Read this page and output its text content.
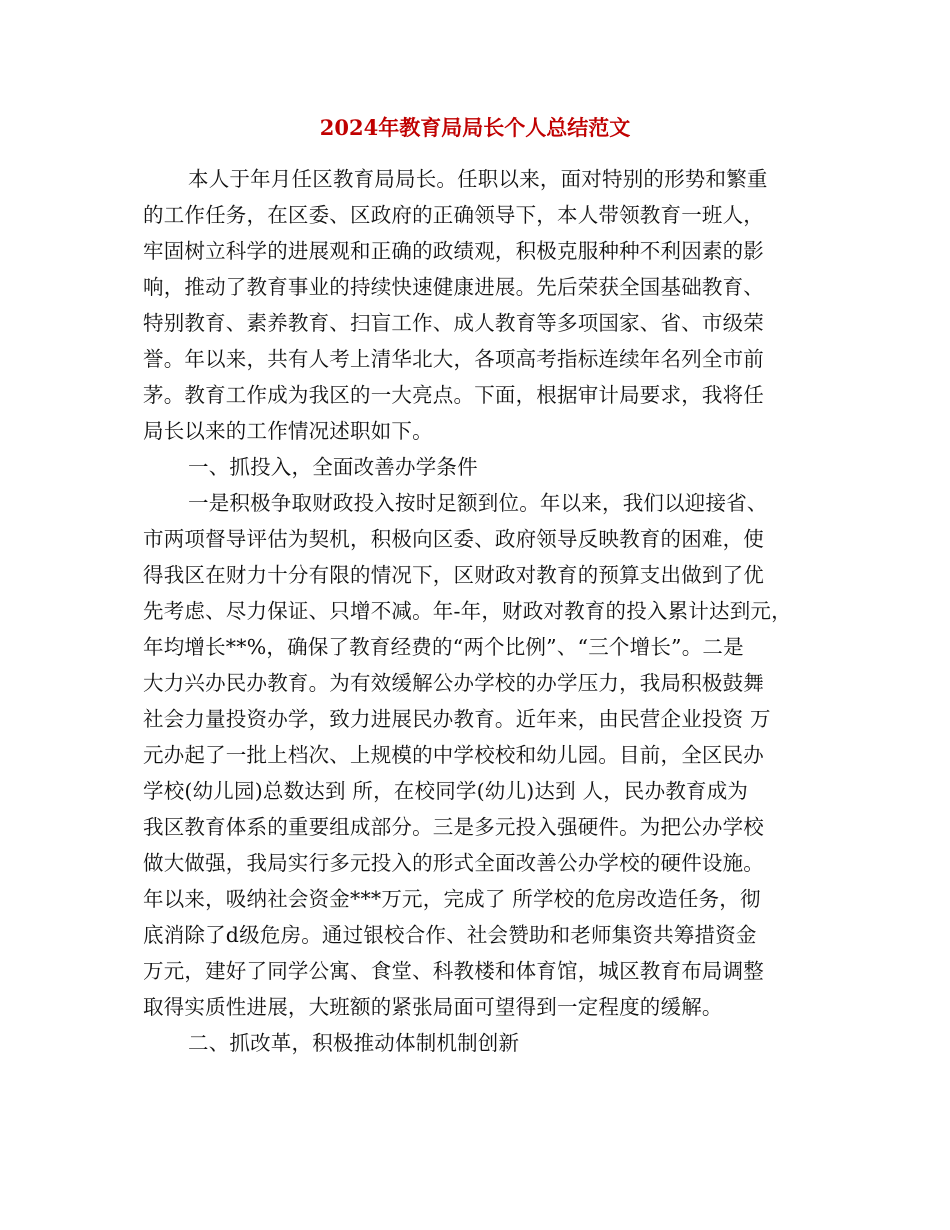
2024年教育局局长个人总结范文
本人于年月任区教育局局长。任职以来，面对特别的形势和繁重
的工作任务，在区委、区政府的正确领导下，本人带领教育一班人，
牢固树立科学的进展观和正确的政绩观，积极克服种种不利因素的影
响，推动了教育事业的持续快速健康进展。先后荣获全国基础教育、
特别教育、素养教育、扫盲工作、成人教育等多项国家、省、市级荣
誉。年以来，共有人考上清华北大，各项高考指标连续年名列全市前
茅。教育工作成为我区的一大亮点。下面，根据审计局要求，我将任
局长以来的工作情况述职如下。
一、抓投入，全面改善办学条件
一是积极争取财政投入按时足额到位。年以来，我们以迎接省、
市两项督导评估为契机，积极向区委、政府领导反映教育的困难，使
得我区在财力十分有限的情况下，区财政对教育的预算支出做到了优
先考虑、尽力保证、只增不减。年-年，财政对教育的投入累计达到元，
年均增长**%，确保了教育经费的“两个比例”、“三个增长”。二是
大力兴办民办教育。为有效缓解公办学校的办学压力，我局积极鼓舞
社会力量投资办学，致力进展民办教育。近年来，由民营企业投资 万
元办起了一批上档次、上规模的中学校校和幼儿园。目前，全区民办
学校(幼儿园)总数达到 所，在校同学(幼儿)达到 人，民办教育成为
我区教育体系的重要组成部分。三是多元投入强硬件。为把公办学校
做大做强，我局实行多元投入的形式全面改善公办学校的硬件设施。
年以来，吸纳社会资金***万元，完成了 所学校的危房改造任务，彻
底消除了d级危房。通过银校合作、社会赞助和老师集资共筹措资金
万元，建好了同学公寓、食堂、科教楼和体育馆，城区教育布局调整
取得实质性进展，大班额的紧张局面可望得到一定程度的缓解。
二、抓改革，积极推动体制机制创新
